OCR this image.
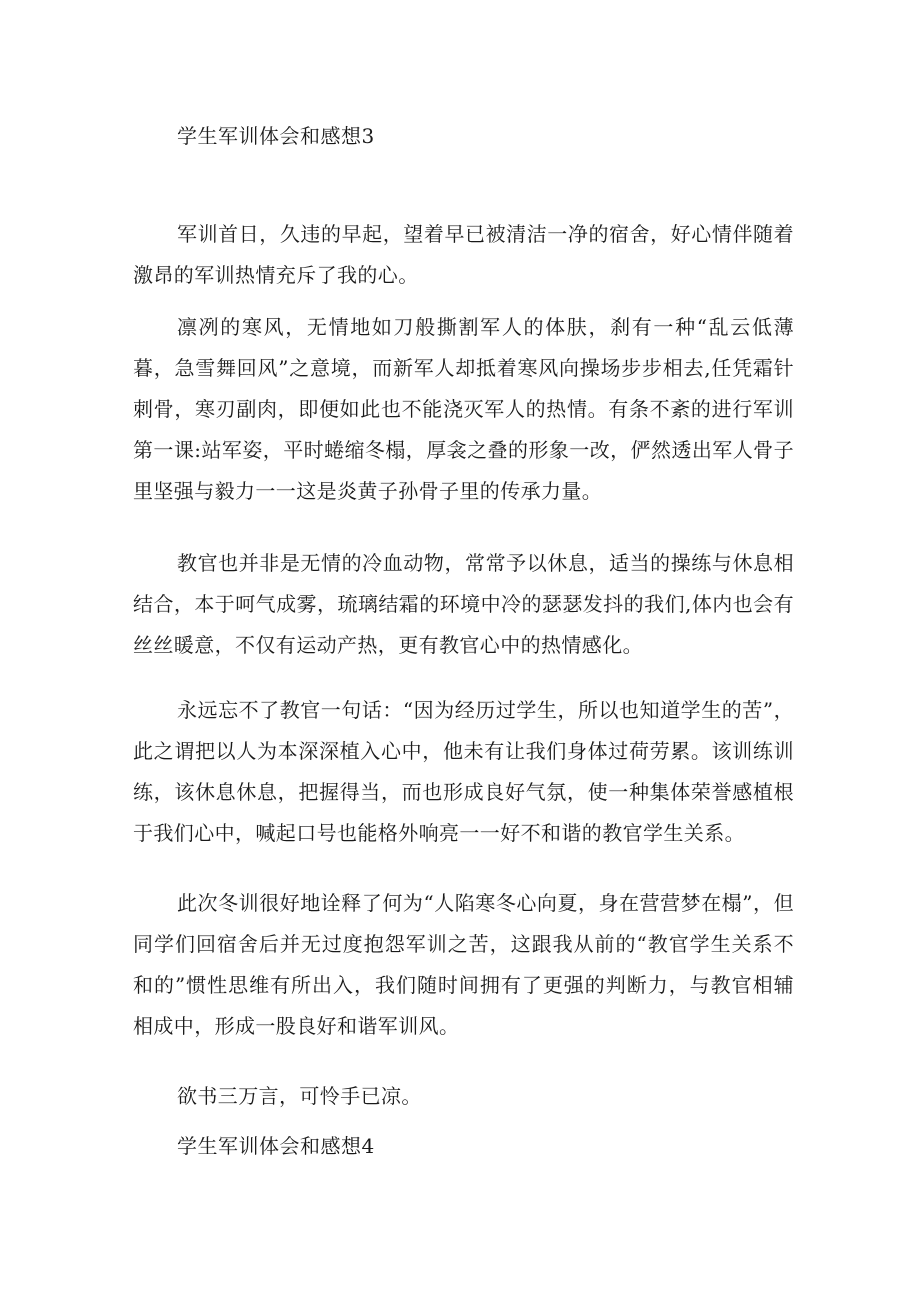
学生军训体会和感想3

军训首日，久违的早起，望着早已被清洁一净的宿舍，好心情伴随着激昂的军训热情充斥了我的心。

凛冽的寒风，无情地如刀般撕割军人的体肤，刹有一种“乱云低薄暮，急雪舞回风”之意境，而新军人却抵着寒风向操场步步相去,任凭霜针刺骨，寒刃副肉，即便如此也不能浇灭军人的热情。有条不紊的进行军训第一课:站军姿，平时蜷缩冬榻，厚衾之叠的形象一改，俨然透出军人骨子里坚强与毅力一一这是炎黄子孙骨子里的传承力量。

教官也并非是无情的冷血动物，常常予以休息，适当的操练与休息相结合，本于呵气成雾，琉璃结霜的环境中冷的瑟瑟发抖的我们,体内也会有丝丝暖意，不仅有运动产热，更有教官心中的热情感化。

永远忘不了教官一句话：“因为经历过学生，所以也知道学生的苦”，此之谓把以人为本深深植入心中，他未有让我们身体过荷劳累。该训练训练，该休息休息，把握得当，而也形成良好气氛，使一种集体荣誉感植根于我们心中，喊起口号也能格外响亮一一好不和谐的教官学生关系。

此次冬训很好地诠释了何为“人陷寒冬心向夏，身在营营梦在榻”，但同学们回宿舍后并无过度抱怨军训之苦，这跟我从前的“教官学生关系不和的”惯性思维有所出入，我们随时间拥有了更强的判断力，与教官相辅相成中，形成一股良好和谐军训风。

欲书三万言，可怜手已凉。

学生军训体会和感想4
